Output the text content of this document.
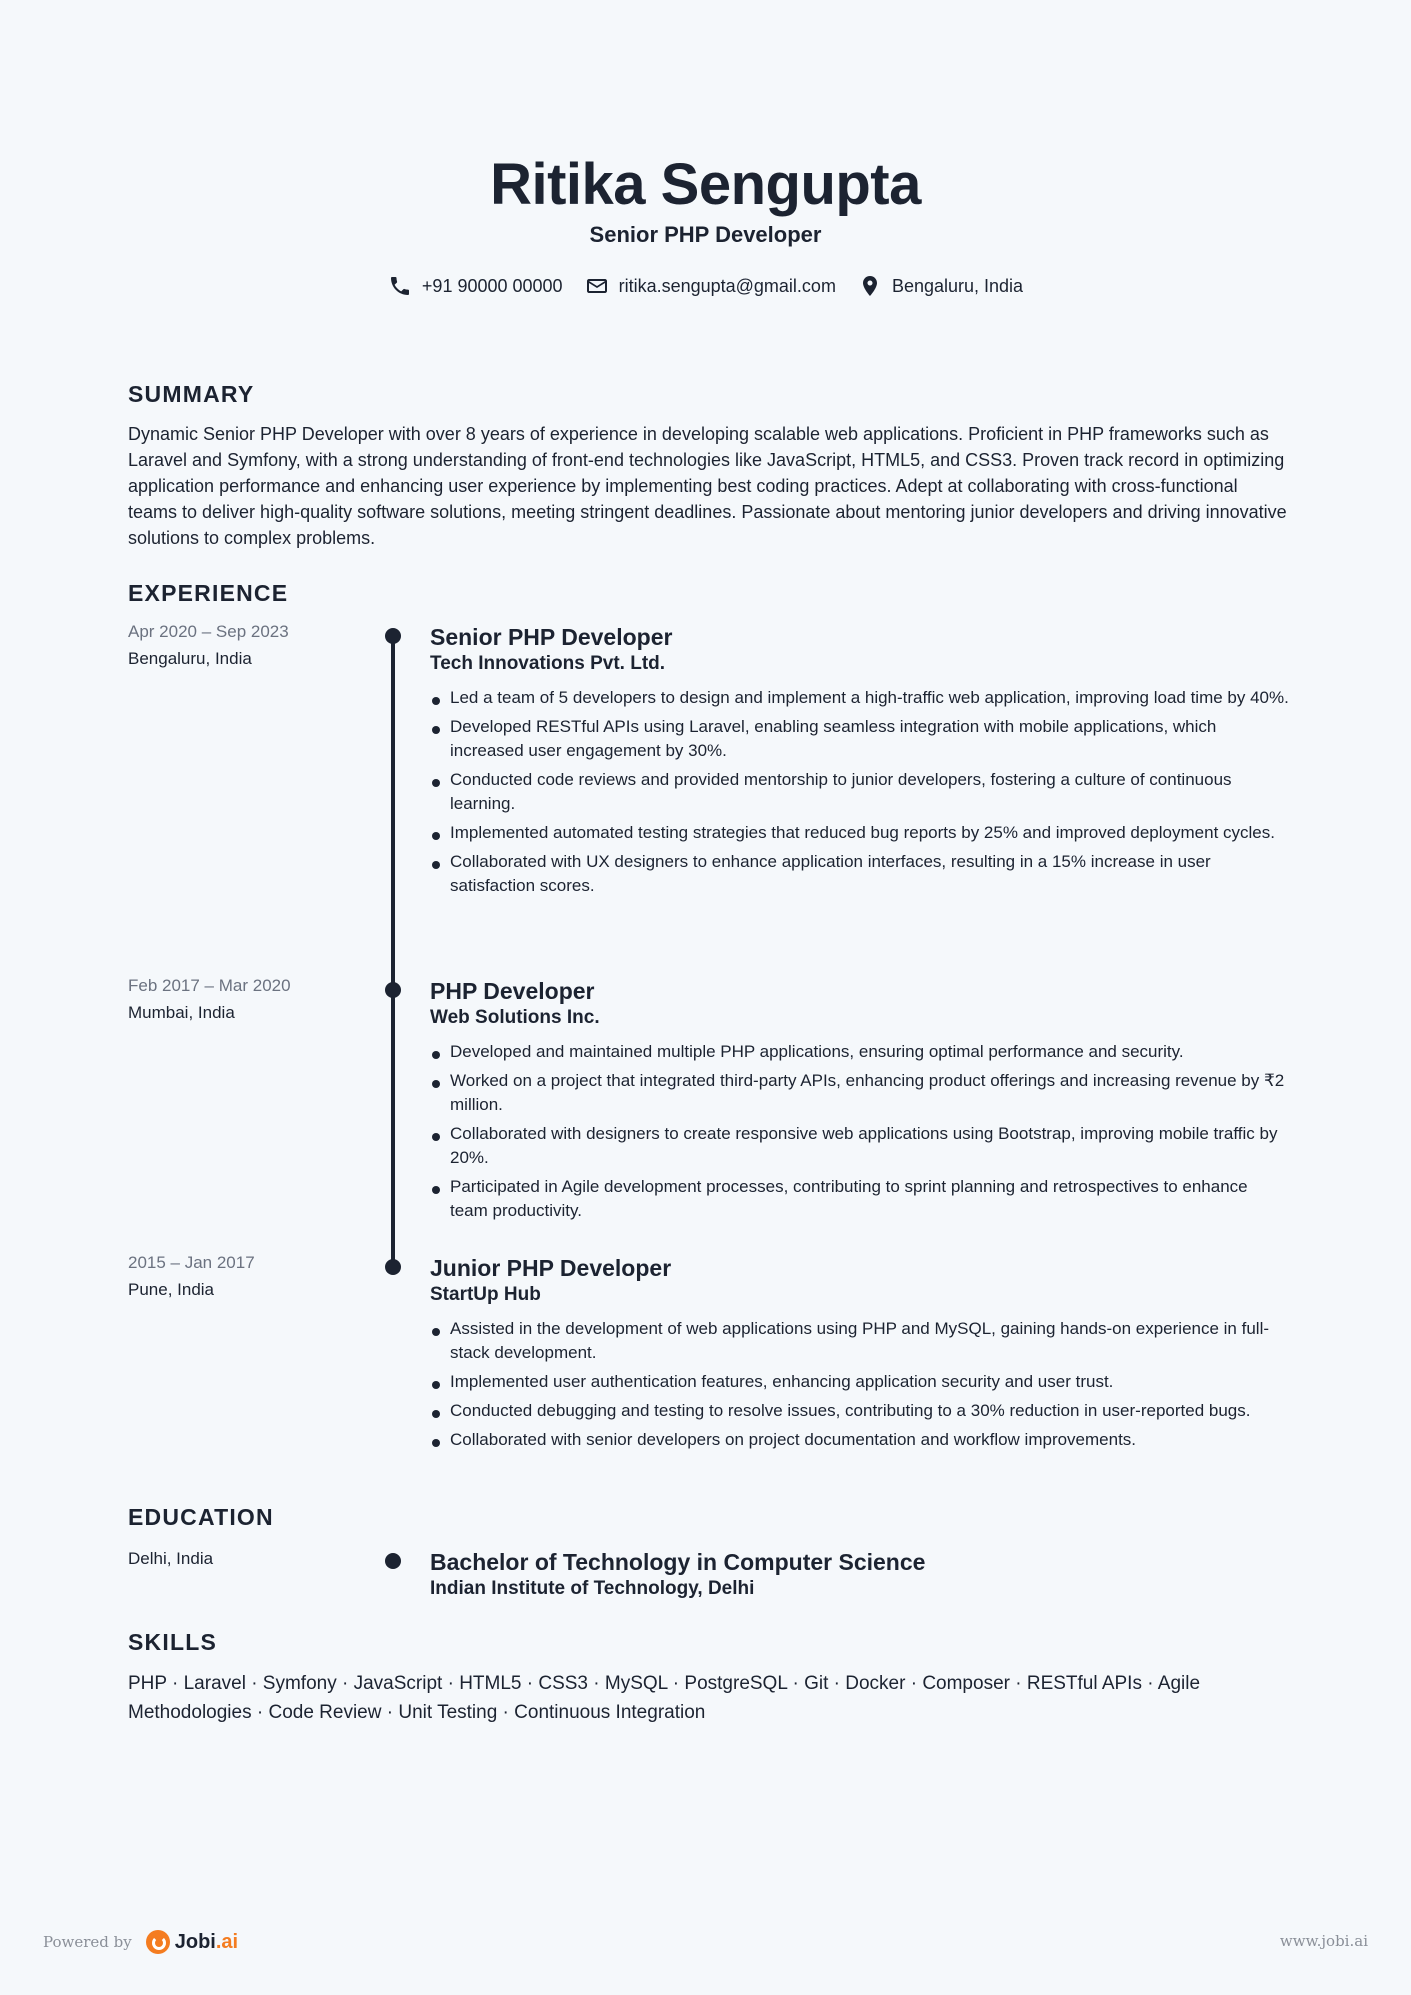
Ritika Sengupta
Senior PHP Developer
+91 90000 00000	ritika.sengupta@gmail.com	Bengaluru, India
SUMMARY
Dynamic Senior PHP Developer with over 8 years of experience in developing scalable web applications. Proficient in PHP frameworks such as Laravel and Symfony, with a strong understanding of front-end technologies like JavaScript, HTML5, and CSS3. Proven track record in optimizing application performance and enhancing user experience by implementing best coding practices. Adept at collaborating with cross-functional teams to deliver high-quality software solutions, meeting stringent deadlines. Passionate about mentoring junior developers and driving innovative solutions to complex problems.
EXPERIENCE
Apr 2020 – Sep 2023
Bengaluru, India
Senior PHP Developer
Tech Innovations Pvt. Ltd.
Led a team of 5 developers to design and implement a high-traffic web application, improving load time by 40%.
Developed RESTful APIs using Laravel, enabling seamless integration with mobile applications, which increased user engagement by 30%.
Conducted code reviews and provided mentorship to junior developers, fostering a culture of continuous learning.
Implemented automated testing strategies that reduced bug reports by 25% and improved deployment cycles.
Collaborated with UX designers to enhance application interfaces, resulting in a 15% increase in user satisfaction scores.
Feb 2017 – Mar 2020
Mumbai, India
PHP Developer
Web Solutions Inc.
Developed and maintained multiple PHP applications, ensuring optimal performance and security.
Worked on a project that integrated third-party APIs, enhancing product offerings and increasing revenue by ₹2 million.
Collaborated with designers to create responsive web applications using Bootstrap, improving mobile traffic by 20%.
Participated in Agile development processes, contributing to sprint planning and retrospectives to enhance team productivity.
2015 – Jan 2017
Pune, India
Junior PHP Developer
StartUp Hub
Assisted in the development of web applications using PHP and MySQL, gaining hands-on experience in full-stack development.
Implemented user authentication features, enhancing application security and user trust.
Conducted debugging and testing to resolve issues, contributing to a 30% reduction in user-reported bugs.
Collaborated with senior developers on project documentation and workflow improvements.
EDUCATION
Delhi, India	Bachelor of Technology in Computer Science
Indian Institute of Technology, Delhi
SKILLS
PHP · Laravel · Symfony · JavaScript · HTML5 · CSS3 · MySQL · PostgreSQL · Git · Docker · Composer · RESTful APIs · Agile Methodologies · Code Review · Unit Testing · Continuous Integration
Powered by Jobi.ai	www.jobi.ai
